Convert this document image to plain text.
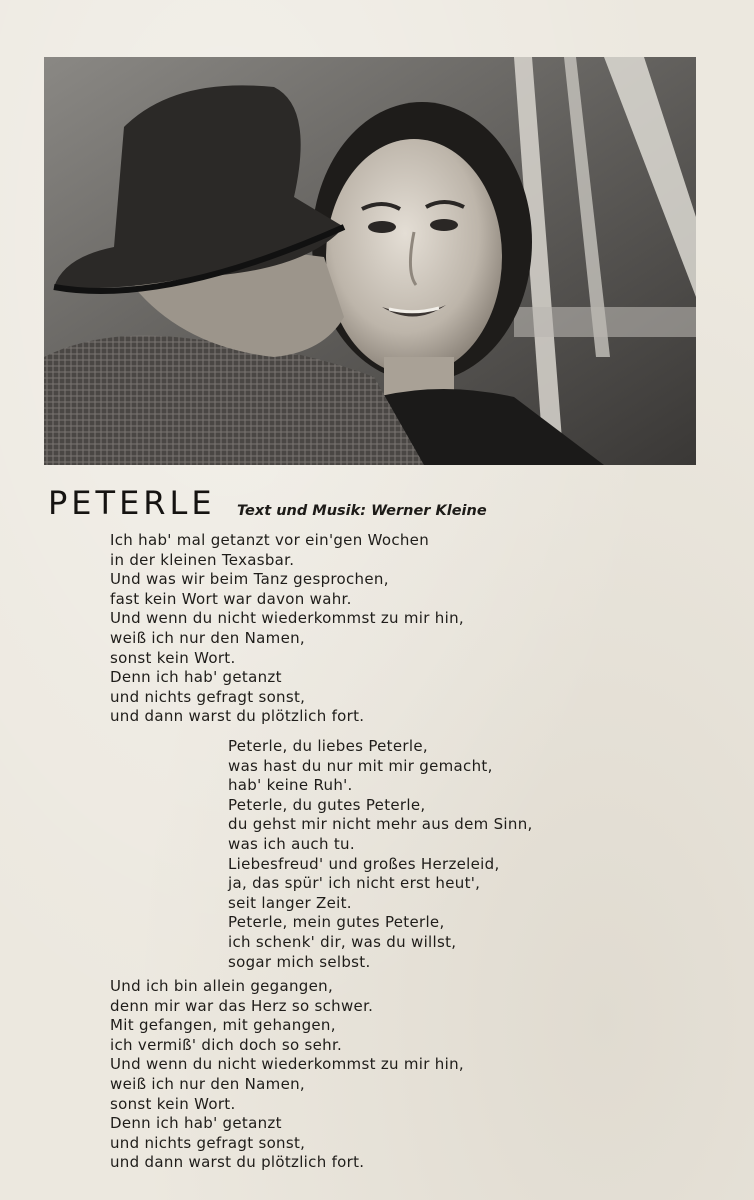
PETERLE Text und Musik: Werner Kleine
Ich hab' mal getanzt vor ein'gen Wochen
in der kleinen Texasbar.
Und was wir beim Tanz gesprochen,
fast kein Wort war davon wahr.
Und wenn du nicht wiederkommst zu mir hin,
weiß ich nur den Namen,
sonst kein Wort.
Denn ich hab' getanzt
und nichts gefragt sonst,
und dann warst du plötzlich fort.
Peterle, du liebes Peterle,
was hast du nur mit mir gemacht,
hab' keine Ruh'.
Peterle, du gutes Peterle,
du gehst mir nicht mehr aus dem Sinn,
was ich auch tu.
Liebesfreud' und großes Herzeleid,
ja, das spür' ich nicht erst heut',
seit langer Zeit.
Peterle, mein gutes Peterle,
ich schenk' dir, was du willst,
sogar mich selbst.
Und ich bin allein gegangen,
denn mir war das Herz so schwer.
Mit gefangen, mit gehangen,
ich vermiß' dich doch so sehr.
Und wenn du nicht wiederkommst zu mir hin,
weiß ich nur den Namen,
sonst kein Wort.
Denn ich hab' getanzt
und nichts gefragt sonst,
und dann warst du plötzlich fort.
